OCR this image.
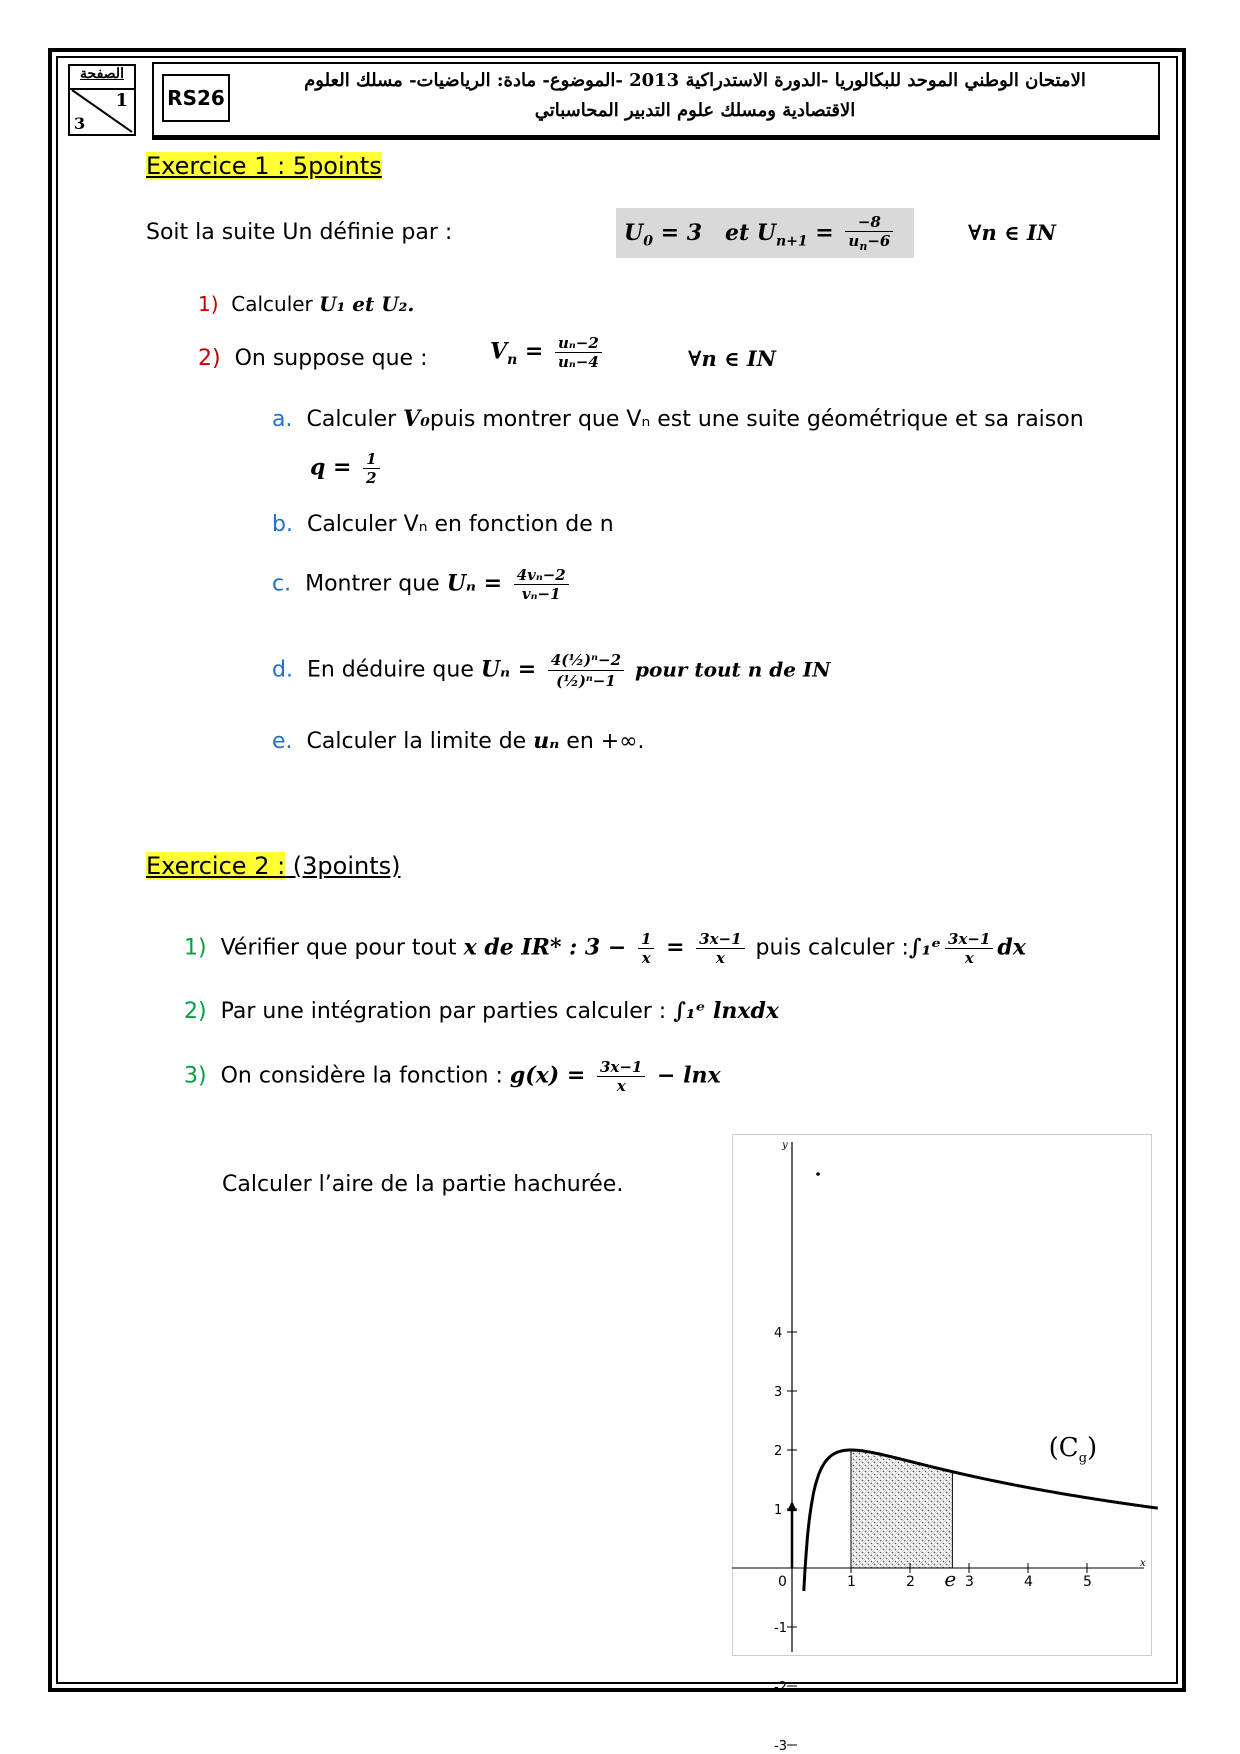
الصفحة
1
3
RS26
الامتحان الوطني الموحد للبكالوريا -الدورة الاستدراكية 2013 -الموضوع- مادة: الرياضيات- مسلك العلوم
الاقتصادية ومسلك علوم التدبير المحاسباتي
Exercice 1 : 5points
Soit la suite Un définie par :	$U_0 = 3$   et $U_{n+1} = \frac{-8}{u_n-6}$	∀n ∈ IN
1) Calculer U₁ et U₂.
2) On suppose que :	$V_n = \frac{\text{uₙ−2}}{\text{uₙ−4}}$	∀n ∈ IN
a. Calculer V₀puis montrer que Vₙ est une suite géométrique et sa raison
$q = \frac{1}{2}$
b. Calculer Vₙ en fonction de n
c. Montrer que $U_n = \frac{\text{4vₙ−2}}{\text{vₙ−1}}$
d. En déduire que $U_n = \frac{\text{4(½)ⁿ−2}}{\text{(½)ⁿ−1}}$ pour tout n de IN
e. Calculer la limite de uₙ en +∞.
Exercice 2 : (3points)
1) Vérifier que pour tout x de IR* : $3 - \frac{1}{x} = \frac{3x-1}{x}$ puis calculer :∫₁ᵉ $\frac{3x-1}{x}$ dx
2) Par une intégration par parties calculer : ∫₁ᵉ lnxdx
3) On considère la fonction : $g(x) = \frac{3x-1}{x} - \ln x$
Calculer l’aire de la partie hachurée.
x
y
1	2	3	4	5
4
3
2
1
-1
-2
-3
0	e
$(C_g)$
